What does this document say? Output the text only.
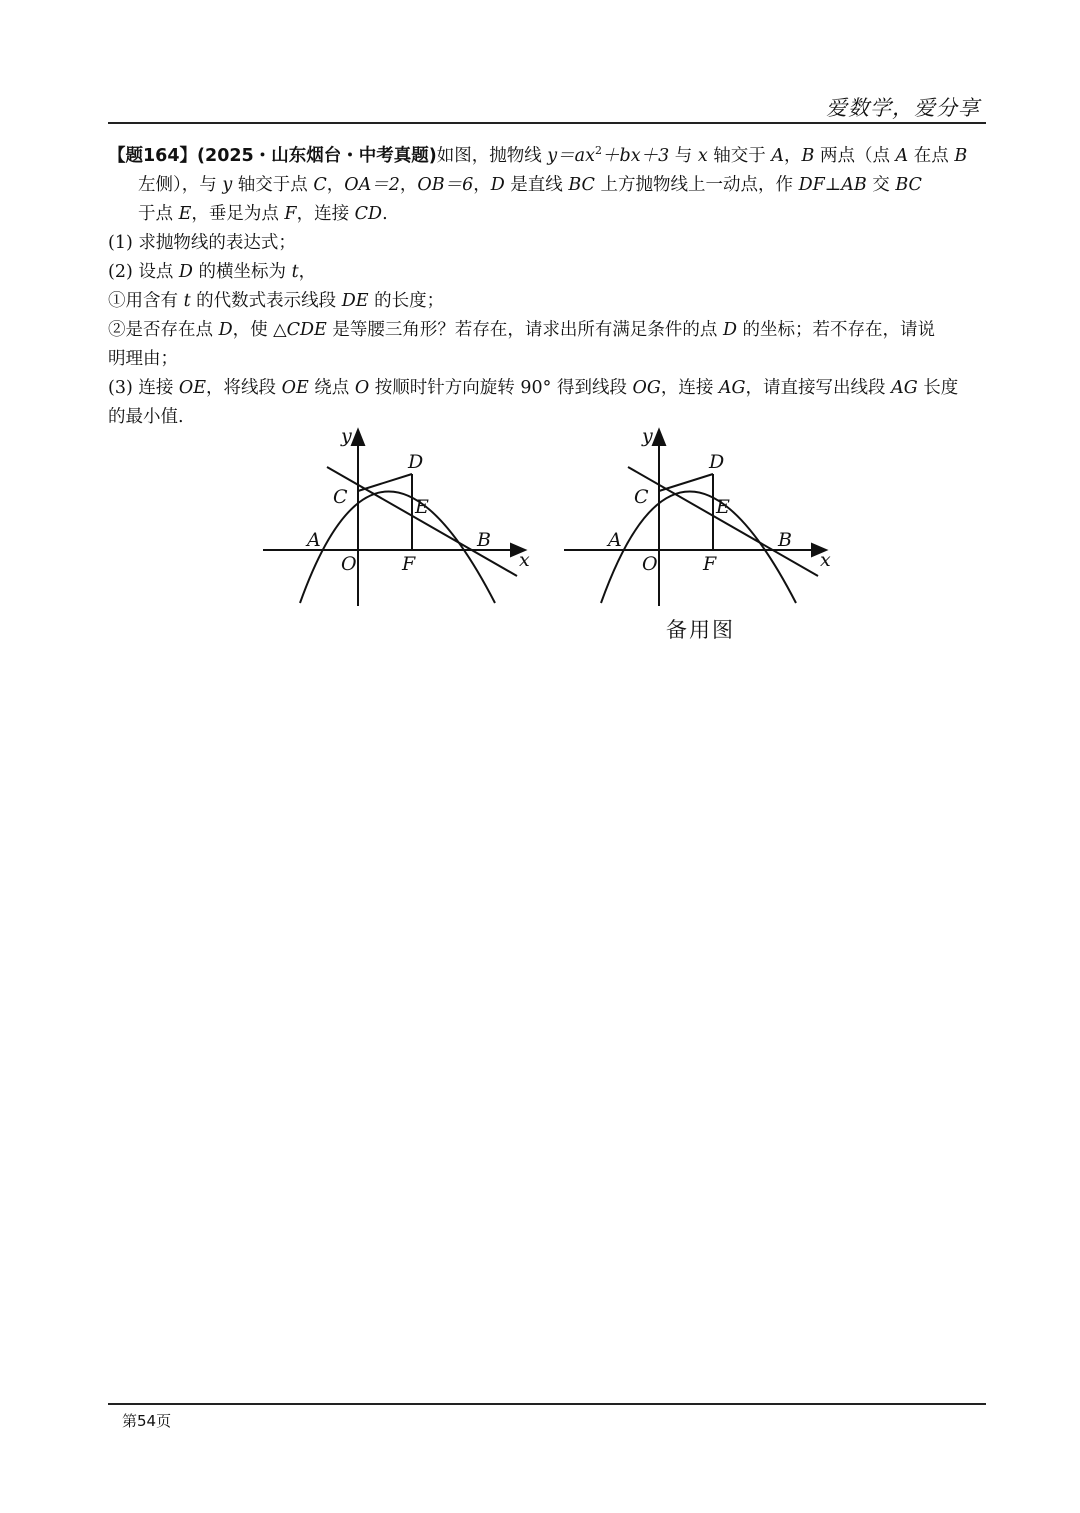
爱数学，爱分享

【题164】(2025・山东烟台・中考真题)如图，抛物线 $y=ax^2+bx+3$ 与 x 轴交于 A，B 两点（点 A 在点 B

左侧），与 y 轴交于点 C，OA＝2，OB＝6，D 是直线 BC 上方抛物线上一动点，作 DF⊥AB 交 BC

于点 E，垂足为点 F，连接 CD.

(1) 求抛物线的表达式；

(2) 设点 D 的横坐标为 t，

①用含有 t 的代数式表示线段 DE 的长度；

②是否存在点 D，使 △CDE 是等腰三角形？若存在，请求出所有满足条件的点 D 的坐标；若不存在，请说

明理由；

(3) 连接 OE，将线段 OE 绕点 O 按顺时针方向旋转 90° 得到线段 OG，连接 AG，请直接写出线段 AG 长度

的最小值.

y
x
O
A	B
C
D
E
F
y
x
O
A	B
C
D
E
F
备用图
第54页
